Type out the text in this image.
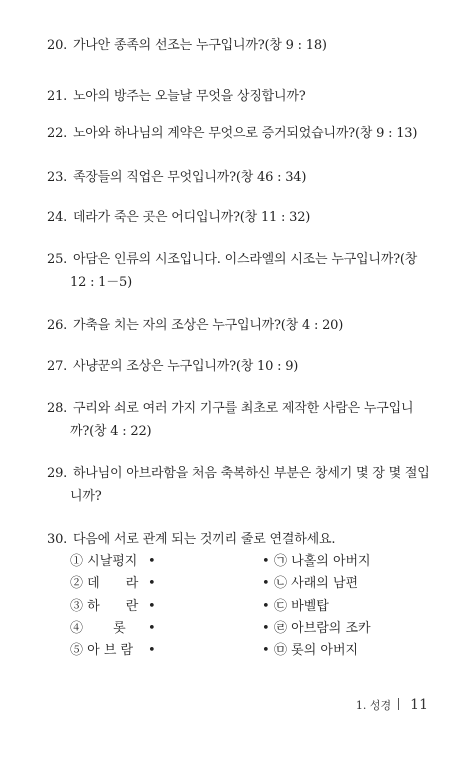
20. 가나안 종족의 선조는 누구입니까?(창 9 : 18)
21. 노아의 방주는 오늘날 무엇을 상징합니까?
22. 노아와 하나님의 계약은 무엇으로 증거되었습니까?(창 9 : 13)
23. 족장들의 직업은 무엇입니까?(창 46 : 34)
24. 데라가 죽은 곳은 어디입니까?(창 11 : 32)
25. 아담은 인류의 시조입니다. 이스라엘의 시조는 누구입니까?(창
12 : 1－5)
26. 가축을 치는 자의 조상은 누구입니까?(창 4 : 20)
27. 사냥꾼의 조상은 누구입니까?(창 10 : 9)
28. 구리와 쇠로 여러 가지 기구를 최초로 제작한 사람은 누구입니
까?(창 4 : 22)
29. 하나님이 아브라함을 처음 축복하신 부분은 창세기 몇 장 몇 절입
니까?
30. 다음에 서로 관계 되는 것끼리 줄로 연결하세요.
① 시날평지 •	• ㉠ 나홀의 아버지
② 데　　라 •	• ㉡ 사래의 남편
③ 하　　란 •	• ㉢ 바벨탑
④ 　　롯 •	• ㉣ 아브람의 조카
⑤ 아 브 람 •	• ㉤ 롯의 아버지
1. 성경 11
